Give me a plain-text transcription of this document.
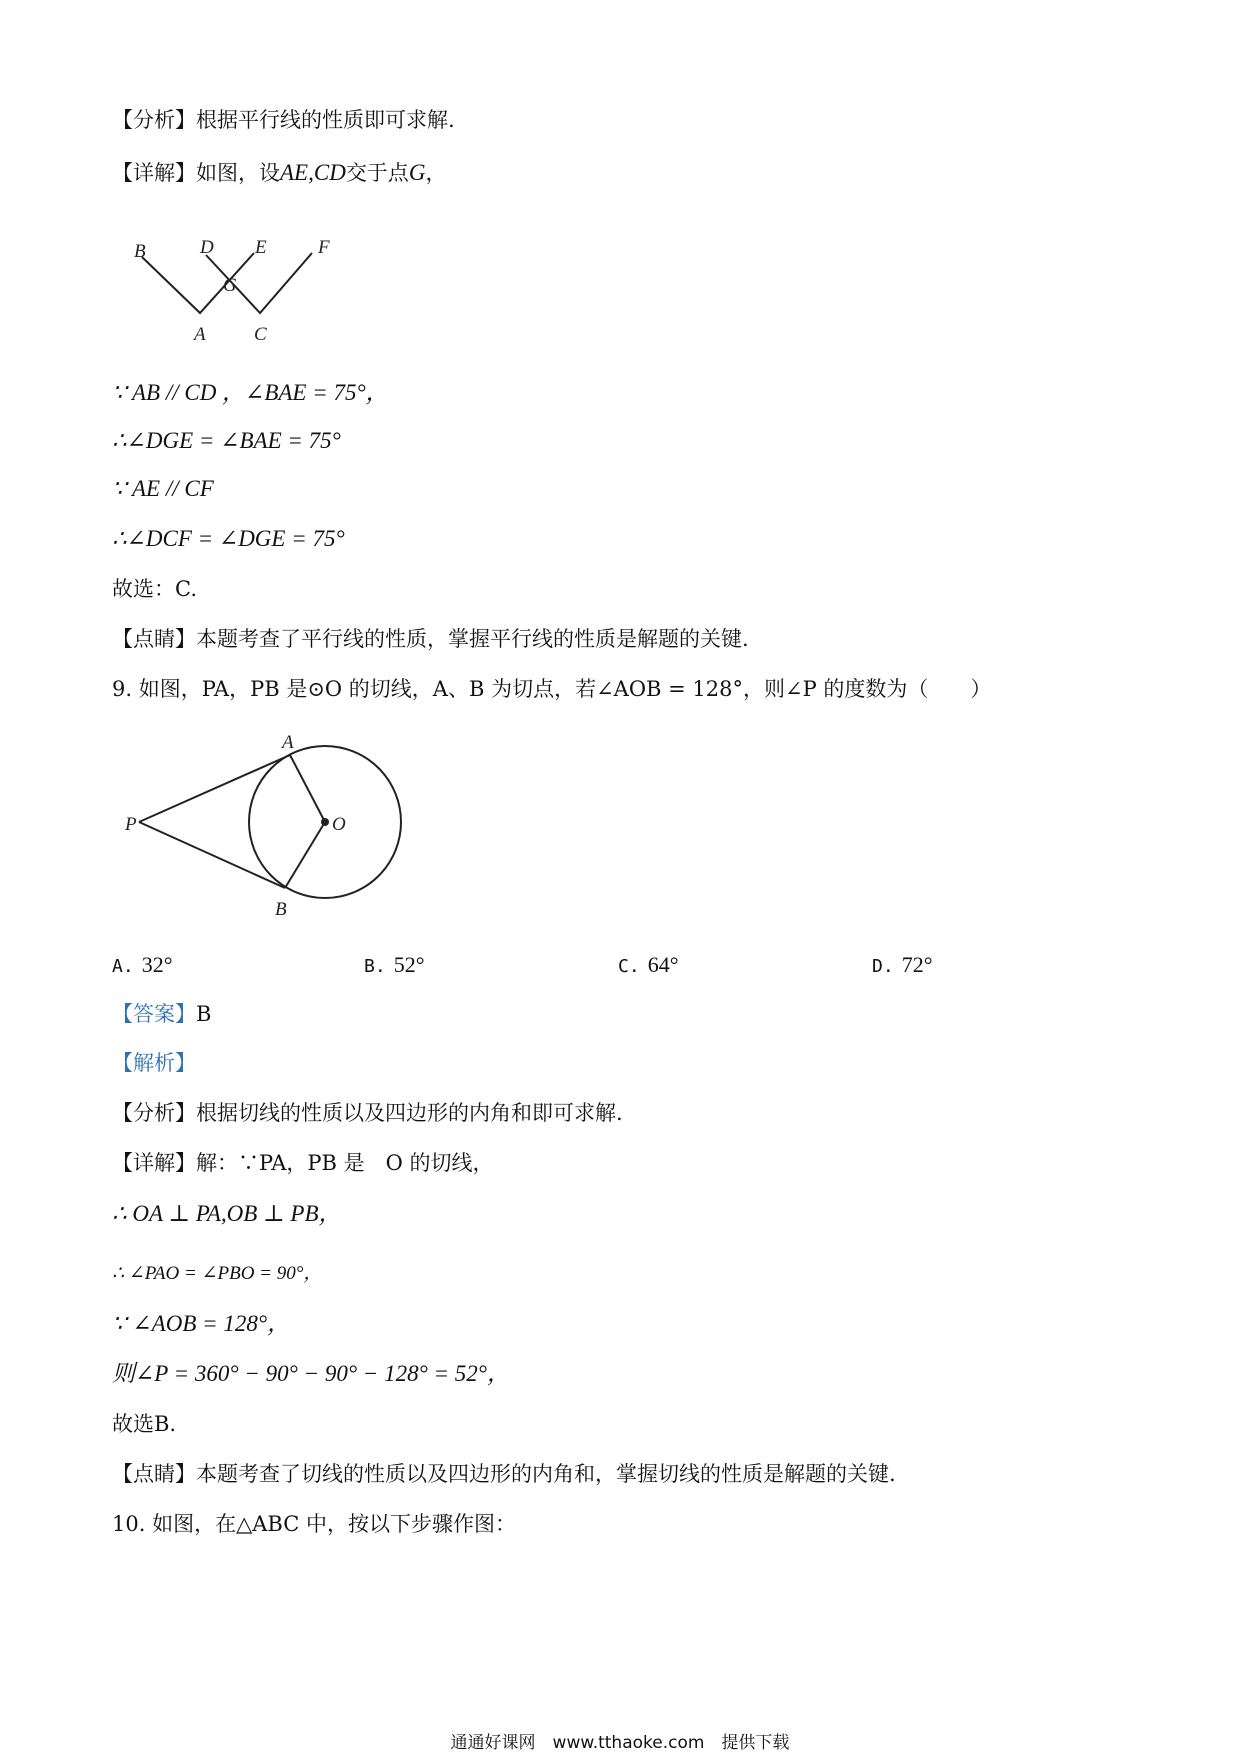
【分析】根据平行线的性质即可求解.
【详解】如图，设AE,CD交于点G，
B	D E	F
G
A	C
∵ AB // CD ，∠BAE = 75°，
∴∠DGE = ∠BAE = 75°
∵ AE // CF
∴∠DCF = ∠DGE = 75°
故选：C.
【点睛】本题考查了平行线的性质，掌握平行线的性质是解题的关键.
9. 如图，PA，PB 是⊙O 的切线，A、B 为切点，若∠AOB = 128°，则∠P 的度数为（　　）
A
P	O
B
A. 32°	B. 52°	C. 64°	D. 72°
【答案】B
【解析】
【分析】根据切线的性质以及四边形的内角和即可求解.
【详解】解：∵PA，PB 是　O 的切线，
∴ OA ⊥ PA,OB ⊥ PB，
∴ ∠PAO = ∠PBO = 90°，
∵ ∠AOB = 128°，
则∠P = 360° − 90° − 90° − 128° = 52°，
故选B.
【点睛】本题考查了切线的性质以及四边形的内角和，掌握切线的性质是解题的关键.
10. 如图，在△ABC 中，按以下步骤作图：
通通好课网　www.tthaoke.com　提供下载
